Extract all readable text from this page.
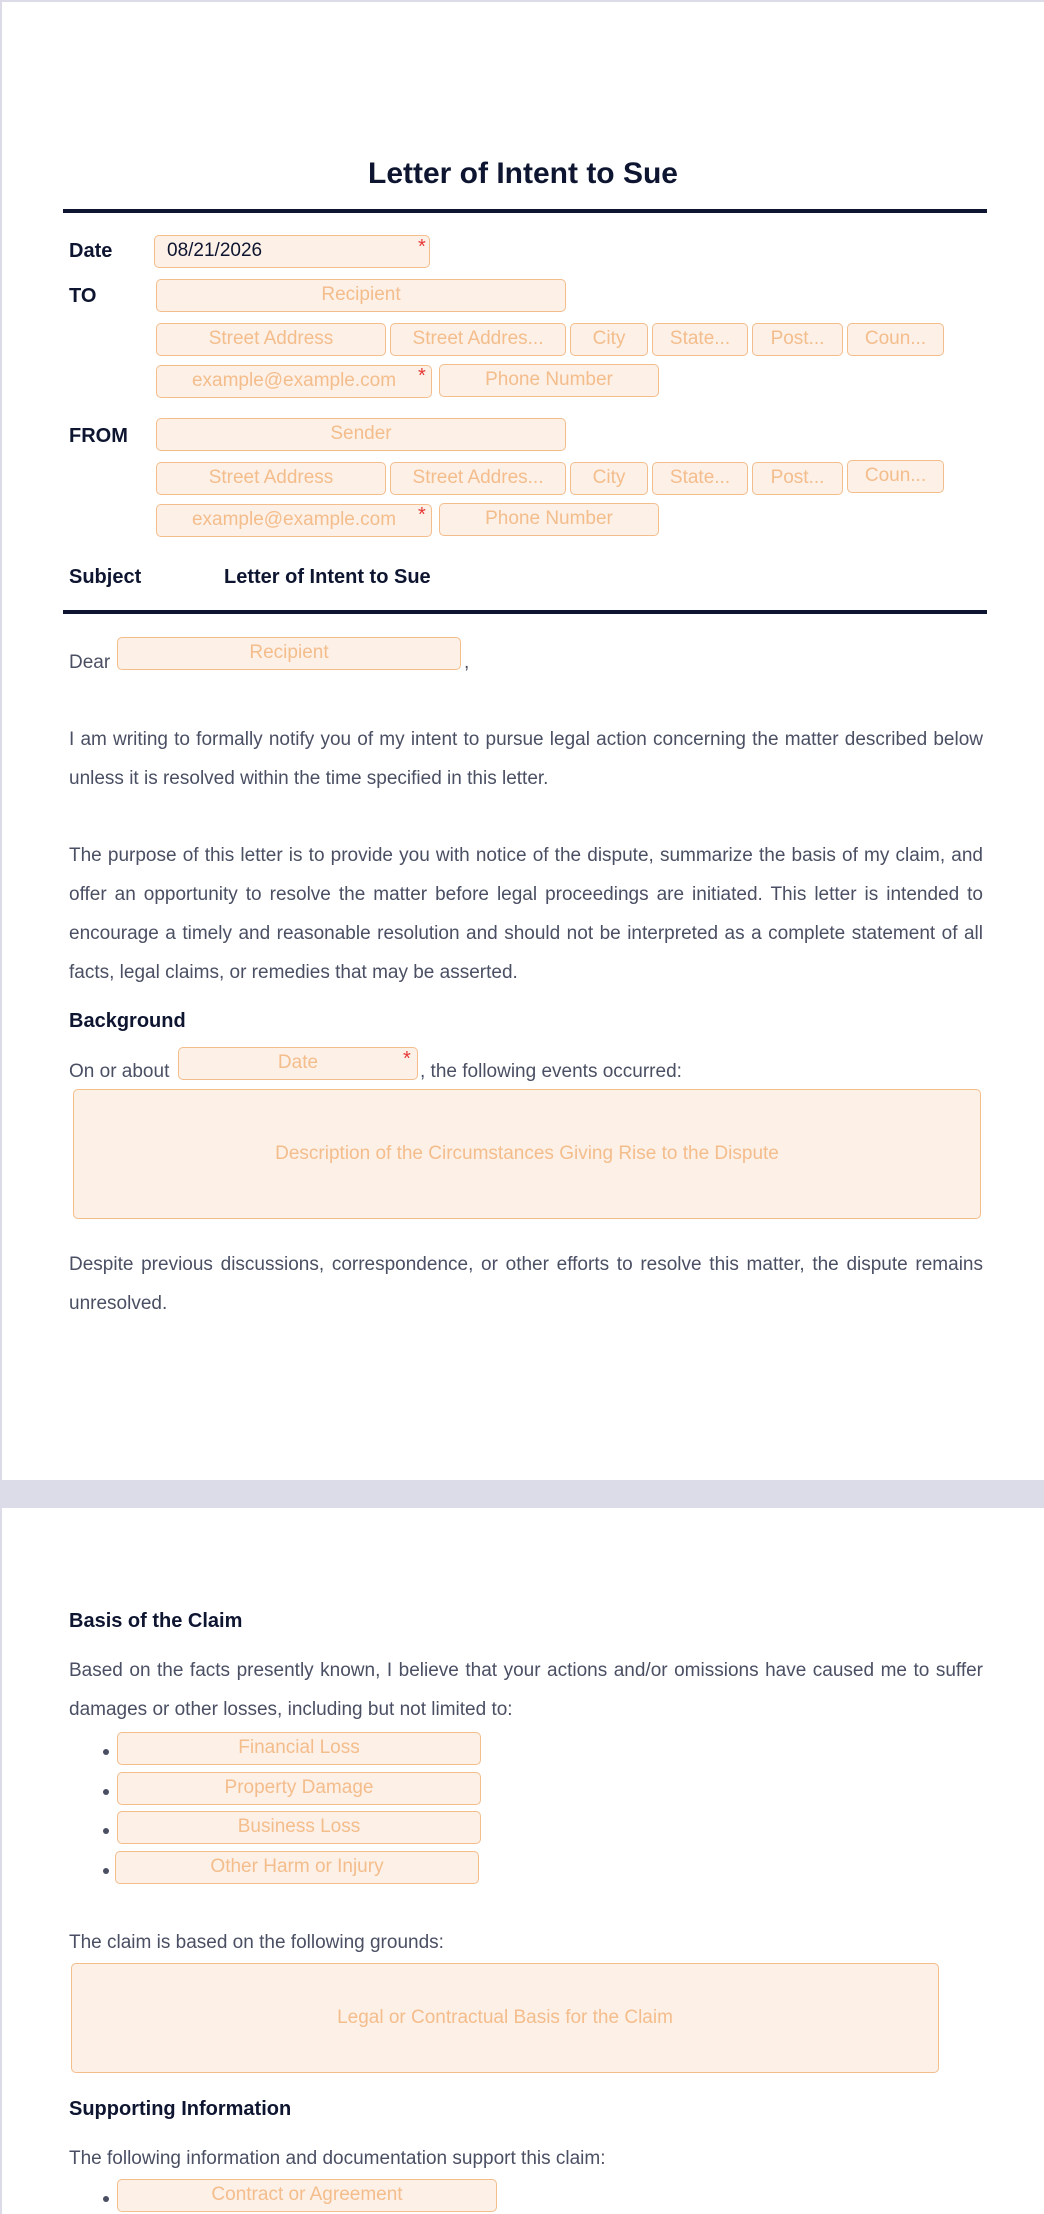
Letter of Intent to Sue
Date	08/21/2026	*
TO	Recipient
Street Address	Street Addres...	City	State...	Post...	Coun...
example@example.com	*	Phone Number
FROM	Sender
Street Address	Street Addres...	City	State...	Post...	Coun...
example@example.com	*	Phone Number
Subject	Letter of Intent to Sue
Dear	Recipient	,
I am writing to formally notify you of my intent to pursue legal action concerning the matter described below unless it is resolved within the time specified in this letter.
The purpose of this letter is to provide you with notice of the dispute, summarize the basis of my claim, and offer an opportunity to resolve the matter before legal proceedings are initiated. This letter is intended to encourage a timely and reasonable resolution and should not be interpreted as a complete statement of all facts, legal claims, or remedies that may be asserted.
Background
On or about	Date	*
, the following events occurred:
Description of the Circumstances Giving Rise to the Dispute
Despite previous discussions, correspondence, or other efforts to resolve this matter, the dispute remains unresolved.
Basis of the Claim
Based on the facts presently known, I believe that your actions and/or omissions have caused me to suffer damages or other losses, including but not limited to:
Financial Loss
Property Damage
Business Loss
Other Harm or Injury
The claim is based on the following grounds:
Legal or Contractual Basis for the Claim
Supporting Information
The following information and documentation support this claim:
Contract or Agreement
